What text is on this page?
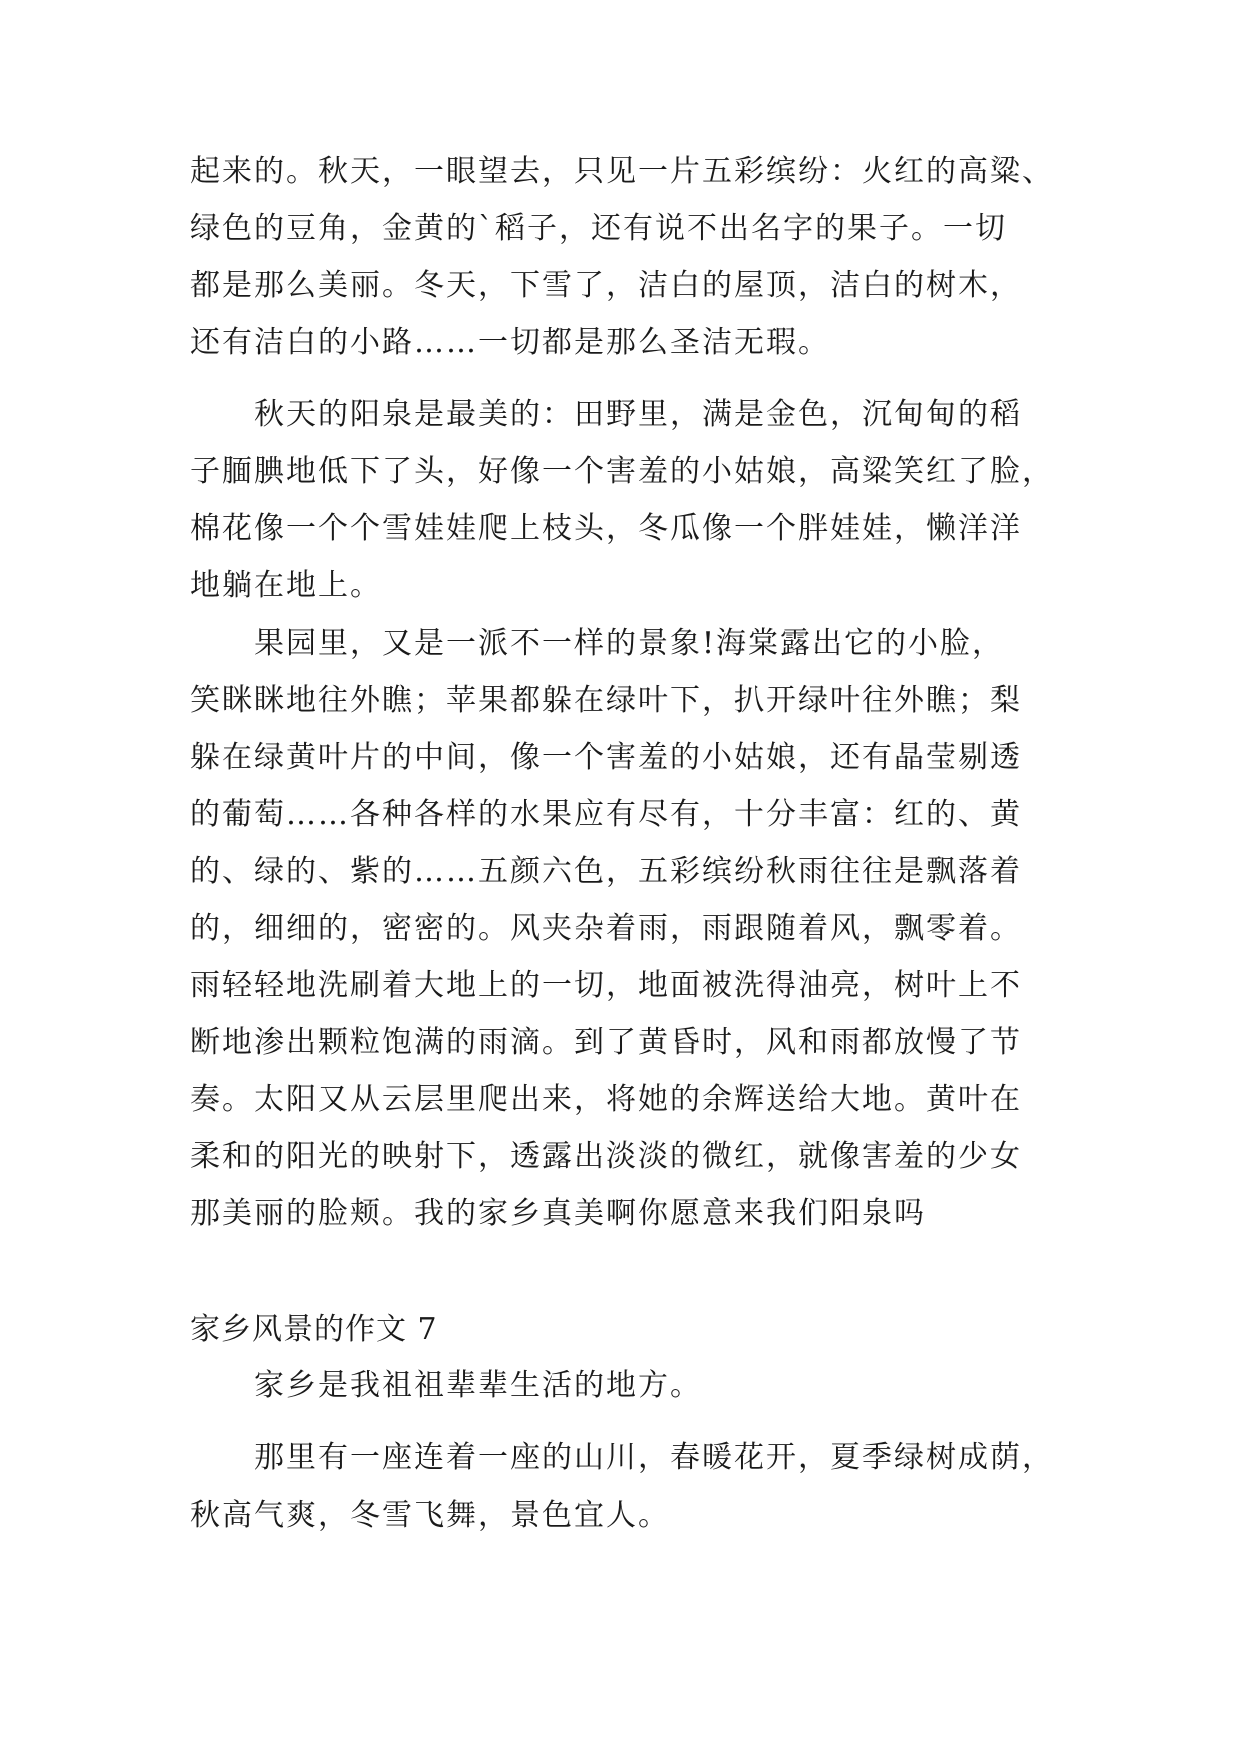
起来的。秋天，一眼望去，只见一片五彩缤纷：火红的高粱、
绿色的豆角，金黄的`稻子，还有说不出名字的果子。一切
都是那么美丽。冬天，下雪了，洁白的屋顶，洁白的树木，
还有洁白的小路……一切都是那么圣洁无瑕。
秋天的阳泉是最美的：田野里，满是金色，沉甸甸的稻
子腼腆地低下了头，好像一个害羞的小姑娘，高粱笑红了脸，
棉花像一个个雪娃娃爬上枝头，冬瓜像一个胖娃娃，懒洋洋
地躺在地上。
果园里，又是一派不一样的景象!海棠露出它的小脸，
笑眯眯地往外瞧；苹果都躲在绿叶下，扒开绿叶往外瞧；梨
躲在绿黄叶片的中间，像一个害羞的小姑娘，还有晶莹剔透
的葡萄……各种各样的水果应有尽有，十分丰富：红的、黄
的、绿的、紫的……五颜六色，五彩缤纷秋雨往往是飘落着
的，细细的，密密的。风夹杂着雨，雨跟随着风，飘零着。
雨轻轻地洗刷着大地上的一切，地面被洗得油亮，树叶上不
断地渗出颗粒饱满的雨滴。到了黄昏时，风和雨都放慢了节
奏。太阳又从云层里爬出来，将她的余辉送给大地。黄叶在
柔和的阳光的映射下，透露出淡淡的微红，就像害羞的少女
那美丽的脸颊。我的家乡真美啊你愿意来我们阳泉吗
家乡风景的作文 7
家乡是我祖祖辈辈生活的地方。
那里有一座连着一座的山川，春暖花开，夏季绿树成荫，
秋高气爽，冬雪飞舞，景色宜人。
